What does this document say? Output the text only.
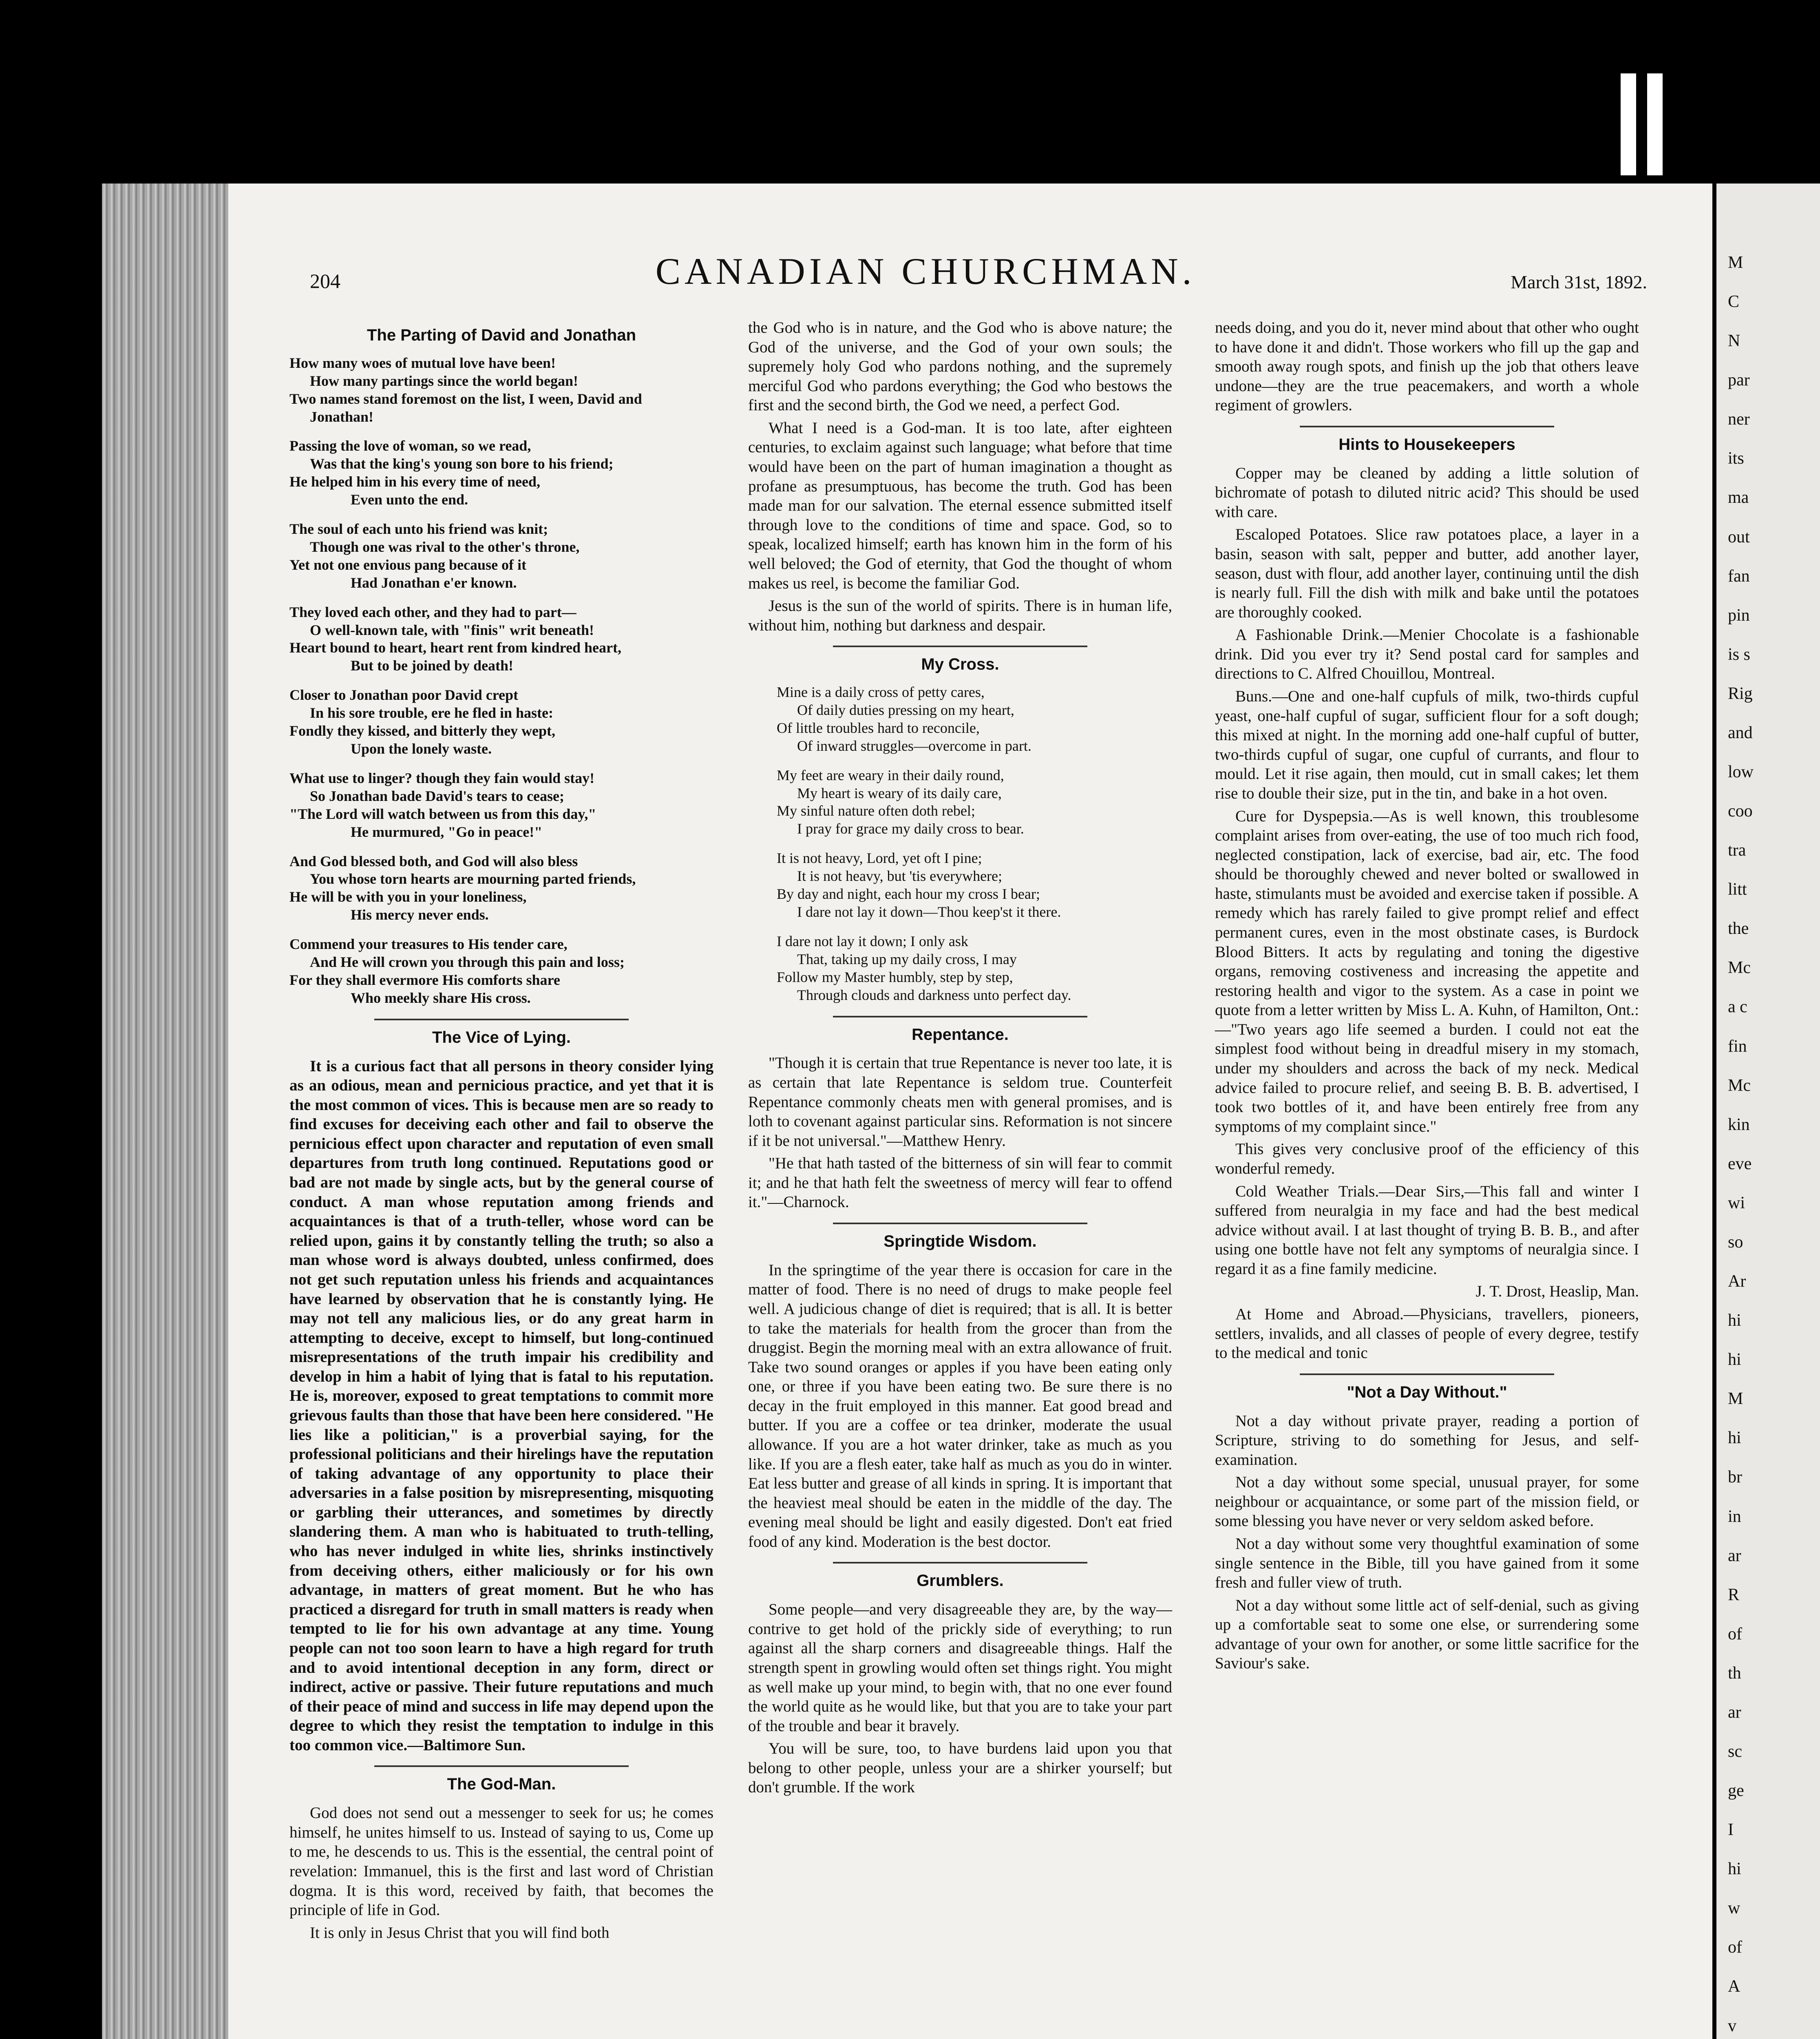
M
C
N
par
ner
its
ma
out
fan
pin
is s
Rig
and
low
coo
tra
litt
the
Mc
a c
fin
Mc
kin
eve
wi
so
Ar
hi
hi
M
hi
br
in
ar
R
of
th
ar
sc
ge
I
hi
w
of
A
v
204	CANADIAN CHURCHMAN.	March 31st, 1892.
The Parting of David and Jonathan

How many woes of mutual love have been!

How many partings since the world began!

Two names stand foremost on the list, I ween, David and

Jonathan!

Passing the love of woman, so we read,

Was that the king's young son bore to his friend;

He helped him in his every time of need,

Even unto the end.

The soul of each unto his friend was knit;

Though one was rival to the other's throne,

Yet not one envious pang because of it

Had Jonathan e'er known.

They loved each other, and they had to part—

O well-known tale, with "finis" writ beneath!

Heart bound to heart, heart rent from kindred heart,

But to be joined by death!

Closer to Jonathan poor David crept

In his sore trouble, ere he fled in haste:

Fondly they kissed, and bitterly they wept,

Upon the lonely waste.

What use to linger? though they fain would stay!

So Jonathan bade David's tears to cease;

"The Lord will watch between us from this day,"

He murmured, "Go in peace!"

And God blessed both, and God will also bless

You whose torn hearts are mourning parted friends,

He will be with you in your loneliness,

His mercy never ends.

Commend your treasures to His tender care,

And He will crown you through this pain and loss;

For they shall evermore His comforts share

Who meekly share His cross.

The Vice of Lying.

It is a curious fact that all persons in theory consider lying as an odious, mean and pernicious practice, and yet that it is the most common of vices. This is because men are so ready to find excuses for deceiving each other and fail to observe the pernicious effect upon character and reputation of even small departures from truth long continued. Reputations good or bad are not made by single acts, but by the general course of conduct. A man whose reputation among friends and acquaintances is that of a truth-teller, whose word can be relied upon, gains it by constantly telling the truth; so also a man whose word is always doubted, unless confirmed, does not get such reputation unless his friends and acquaintances have learned by observation that he is constantly lying. He may not tell any malicious lies, or do any great harm in attempting to deceive, except to himself, but long-continued misrepresentations of the truth impair his credibility and develop in him a habit of lying that is fatal to his reputation. He is, moreover, exposed to great temptations to commit more grievous faults than those that have been here considered. "He lies like a politician," is a proverbial saying, for the professional politicians and their hirelings have the reputation of taking advantage of any opportunity to place their adversaries in a false position by misrepresenting, misquoting or garbling their utterances, and sometimes by directly slandering them. A man who is habituated to truth-telling, who has never indulged in white lies, shrinks instinctively from deceiving others, either maliciously or for his own advantage, in matters of great moment. But he who has practiced a disregard for truth in small matters is ready when tempted to lie for his own advantage at any time. Young people can not too soon learn to have a high regard for truth and to avoid intentional deception in any form, direct or indirect, active or passive. Their future reputations and much of their peace of mind and success in life may depend upon the degree to which they resist the temptation to indulge in this too common vice.—Baltimore Sun.

The God-Man.

God does not send out a messenger to seek for us; he comes himself, he unites himself to us. Instead of saying to us, Come up to me, he descends to us. This is the essential, the central point of revelation: Immanuel, this is the first and last word of Christian dogma. It is this word, received by faith, that becomes the principle of life in God.

It is only in Jesus Christ that you will find both

the God who is in nature, and the God who is above nature; the God of the universe, and the God of your own souls; the supremely holy God who pardons nothing, and the supremely merciful God who pardons everything; the God who bestows the first and the second birth, the God we need, a perfect God.

What I need is a God-man. It is too late, after eighteen centuries, to exclaim against such language; what before that time would have been on the part of human imagination a thought as profane as presumptuous, has become the truth. God has been made man for our salvation. The eternal essence submitted itself through love to the conditions of time and space. God, so to speak, localized himself; earth has known him in the form of his well beloved; the God of eternity, that God the thought of whom makes us reel, is become the familiar God.

Jesus is the sun of the world of spirits. There is in human life, without him, nothing but darkness and despair.

My Cross.

Mine is a daily cross of petty cares,

Of daily duties pressing on my heart,

Of little troubles hard to reconcile,

Of inward struggles—overcome in part.

My feet are weary in their daily round,

My heart is weary of its daily care,

My sinful nature often doth rebel;

I pray for grace my daily cross to bear.

It is not heavy, Lord, yet oft I pine;

It is not heavy, but 'tis everywhere;

By day and night, each hour my cross I bear;

I dare not lay it down—Thou keep'st it there.

I dare not lay it down; I only ask

That, taking up my daily cross, I may

Follow my Master humbly, step by step,

Through clouds and darkness unto perfect day.

Repentance.

"Though it is certain that true Repentance is never too late, it is as certain that late Repentance is seldom true. Counterfeit Repentance commonly cheats men with general promises, and is loth to covenant against particular sins. Reformation is not sincere if it be not universal."—Matthew Henry.

"He that hath tasted of the bitterness of sin will fear to commit it; and he that hath felt the sweetness of mercy will fear to offend it."—Charnock.

Springtide Wisdom.

In the springtime of the year there is occasion for care in the matter of food. There is no need of drugs to make people feel well. A judicious change of diet is required; that is all. It is better to take the materials for health from the grocer than from the druggist. Begin the morning meal with an extra allowance of fruit. Take two sound oranges or apples if you have been eating only one, or three if you have been eating two. Be sure there is no decay in the fruit employed in this manner. Eat good bread and butter. If you are a coffee or tea drinker, moderate the usual allowance. If you are a hot water drinker, take as much as you like. If you are a flesh eater, take half as much as you do in winter. Eat less butter and grease of all kinds in spring. It is important that the heaviest meal should be eaten in the middle of the day. The evening meal should be light and easily digested. Don't eat fried food of any kind. Moderation is the best doctor.

Grumblers.

Some people—and very disagreeable they are, by the way—contrive to get hold of the prickly side of everything; to run against all the sharp corners and disagreeable things. Half the strength spent in growling would often set things right. You might as well make up your mind, to begin with, that no one ever found the world quite as he would like, but that you are to take your part of the trouble and bear it bravely.

You will be sure, too, to have burdens laid upon you that belong to other people, unless your are a shirker yourself; but don't grumble. If the work

needs doing, and you do it, never mind about that other who ought to have done it and didn't. Those workers who fill up the gap and smooth away rough spots, and finish up the job that others leave undone—they are the true peacemakers, and worth a whole regiment of growlers.

Hints to Housekeepers

Copper may be cleaned by adding a little solution of bichromate of potash to diluted nitric acid? This should be used with care.

Escaloped Potatoes. Slice raw potatoes place, a layer in a basin, season with salt, pepper and butter, add another layer, season, dust with flour, add another layer, continuing until the dish is nearly full. Fill the dish with milk and bake until the potatoes are thoroughly cooked.

A Fashionable Drink.—Menier Chocolate is a fashionable drink. Did you ever try it? Send postal card for samples and directions to C. Alfred Chouillou, Montreal.

Buns.—One and one-half cupfuls of milk, two-thirds cupful yeast, one-half cupful of sugar, sufficient flour for a soft dough; this mixed at night. In the morning add one-half cupful of butter, two-thirds cupful of sugar, one cupful of currants, and flour to mould. Let it rise again, then mould, cut in small cakes; let them rise to double their size, put in the tin, and bake in a hot oven.

Cure for Dyspepsia.—As is well known, this troublesome complaint arises from over-eating, the use of too much rich food, neglected constipation, lack of exercise, bad air, etc. The food should be thoroughly chewed and never bolted or swallowed in haste, stimulants must be avoided and exercise taken if possible. A remedy which has rarely failed to give prompt relief and effect permanent cures, even in the most obstinate cases, is Burdock Blood Bitters. It acts by regulating and toning the digestive organs, removing costiveness and increasing the appetite and restoring health and vigor to the system. As a case in point we quote from a letter written by Miss L. A. Kuhn, of Hamilton, Ont.:—"Two years ago life seemed a burden. I could not eat the simplest food without being in dreadful misery in my stomach, under my shoulders and across the back of my neck. Medical advice failed to procure relief, and seeing B. B. B. advertised, I took two bottles of it, and have been entirely free from any symptoms of my complaint since."

This gives very conclusive proof of the efficiency of this wonderful remedy.

Cold Weather Trials.—Dear Sirs,—This fall and winter I suffered from neuralgia in my face and had the best medical advice without avail. I at last thought of trying B. B. B., and after using one bottle have not felt any symptoms of neuralgia since. I regard it as a fine family medicine.

J. T. Drost, Heaslip, Man.

At Home and Abroad.—Physicians, travellers, pioneers, settlers, invalids, and all classes of people of every degree, testify to the medical and tonic

"Not a Day Without."

Not a day without private prayer, reading a portion of Scripture, striving to do something for Jesus, and self-examination.

Not a day without some special, unusual prayer, for some neighbour or acquaintance, or some part of the mission field, or some blessing you have never or very seldom asked before.

Not a day without some very thoughtful examination of some single sentence in the Bible, till you have gained from it some fresh and fuller view of truth.

Not a day without some little act of self-denial, such as giving up a comfortable seat to some one else, or surrendering some advantage of your own for another, or some little sacrifice for the Saviour's sake.
